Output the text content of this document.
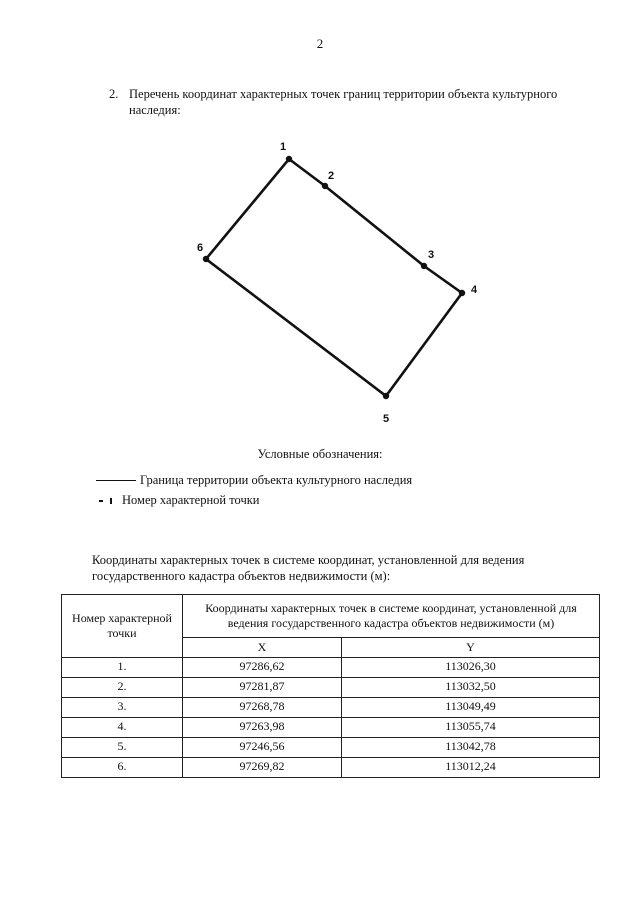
2
2. Перечень координат характерных точек границ территории объекта культурного
наследия:
1
2
3
4
5
6
Условные обозначения:
Граница территории объекта культурного наследия
Номер характерной точки
Координаты характерных точек в системе координат, установленной для ведения
государственного кадастра объектов недвижимости (м):
Номер характерной точки	Координаты характерных точек в системе координат, установленной для ведения государственного кадастра объектов недвижимости (м)	
	X	Y
1.	97286,62	113026,30
2.	97281,87	113032,50
3.	97268,78	113049,49
4.	97263,98	113055,74
5.	97246,56	113042,78
6.	97269,82	113012,24
